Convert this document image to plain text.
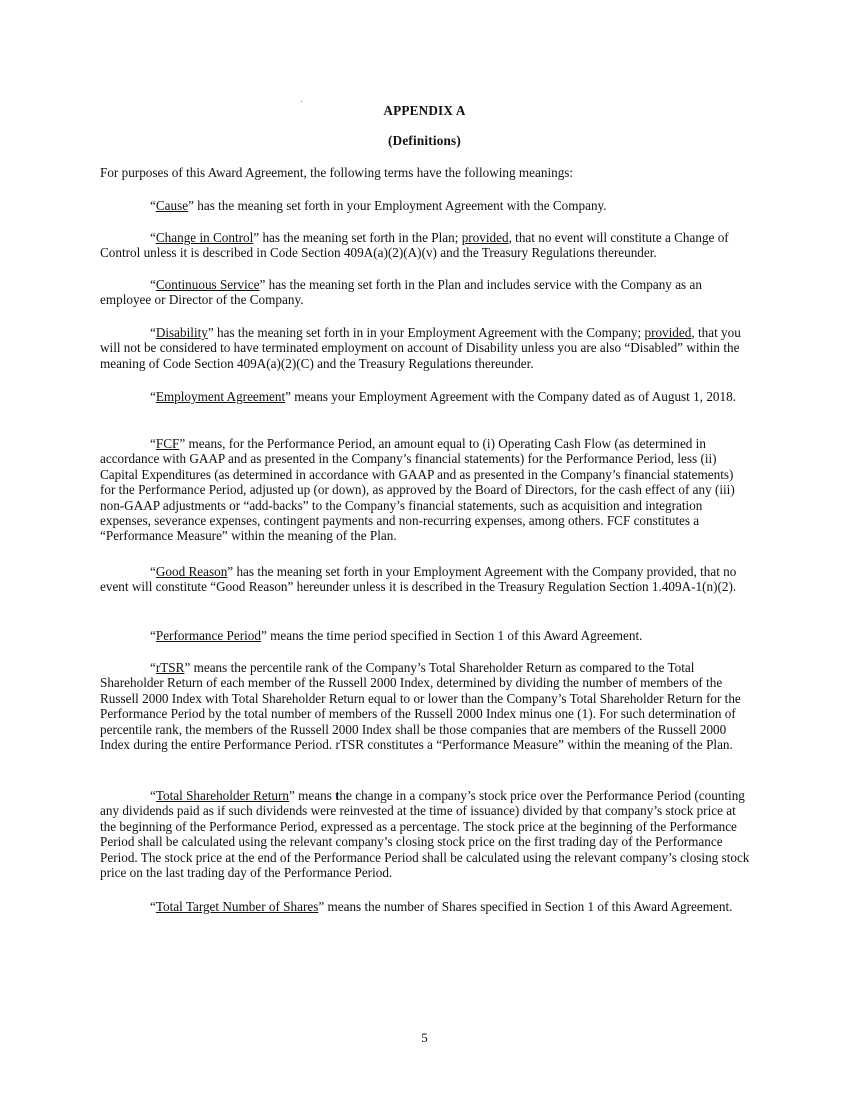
APPENDIX A
(Definitions)

For purposes of this Award Agreement, the following terms have the following meanings:

“Cause” has the meaning set forth in your Employment Agreement with the Company.

“Change in Control” has the meaning set forth in the Plan; provided, that no event will constitute a Change of Control unless it is described in Code Section 409A(a)(2)(A)(v) and the Treasury Regulations thereunder.

“Continuous Service” has the meaning set forth in the Plan and includes service with the Company as an employee or Director of the Company.

“Disability” has the meaning set forth in in your Employment Agreement with the Company; provided, that you will not be considered to have terminated employment on account of Disability unless you are also “Disabled” within the meaning of Code Section 409A(a)(2)(C) and the Treasury Regulations thereunder.

“Employment Agreement” means your Employment Agreement with the Company dated as of August 1, 2018.

“FCF” means, for the Performance Period, an amount equal to (i) Operating Cash Flow (as determined in accordance with GAAP and as presented in the Company’s financial statements) for the Performance Period, less (ii) Capital Expenditures (as determined in accordance with GAAP and as presented in the Company’s financial statements) for the Performance Period, adjusted up (or down), as approved by the Board of Directors, for the cash effect of any (iii) non-GAAP adjustments or “add-backs” to the Company’s financial statements, such as acquisition and integration expenses, severance expenses, contingent payments and non-recurring expenses, among others. FCF constitutes a “Performance Measure” within the meaning of the Plan.

“Good Reason” has the meaning set forth in your Employment Agreement with the Company provided, that no event will constitute “Good Reason” hereunder unless it is described in the Treasury Regulation Section 1.409A-1(n)(2).

“Performance Period” means the time period specified in Section 1 of this Award Agreement.

“rTSR” means the percentile rank of the Company’s Total Shareholder Return as compared to the Total Shareholder Return of each member of the Russell 2000 Index, determined by dividing the number of members of the Russell 2000 Index with Total Shareholder Return equal to or lower than the Company’s Total Shareholder Return for the Performance Period by the total number of members of the Russell 2000 Index minus one (1). For such determination of percentile rank, the members of the Russell 2000 Index shall be those companies that are members of the Russell 2000 Index during the entire Performance Period. rTSR constitutes a “Performance Measure” within the meaning of the Plan.

“Total Shareholder Return” means the change in a company’s stock price over the Performance Period (counting any dividends paid as if such dividends were reinvested at the time of issuance) divided by that company’s stock price at the beginning of the Performance Period, expressed as a percentage. The stock price at the beginning of the Performance Period shall be calculated using the relevant company’s closing stock price on the first trading day of the Performance Period. The stock price at the end of the Performance Period shall be calculated using the relevant company’s closing stock price on the last trading day of the Performance Period.

“Total Target Number of Shares” means the number of Shares specified in Section 1 of this Award Agreement.

5
